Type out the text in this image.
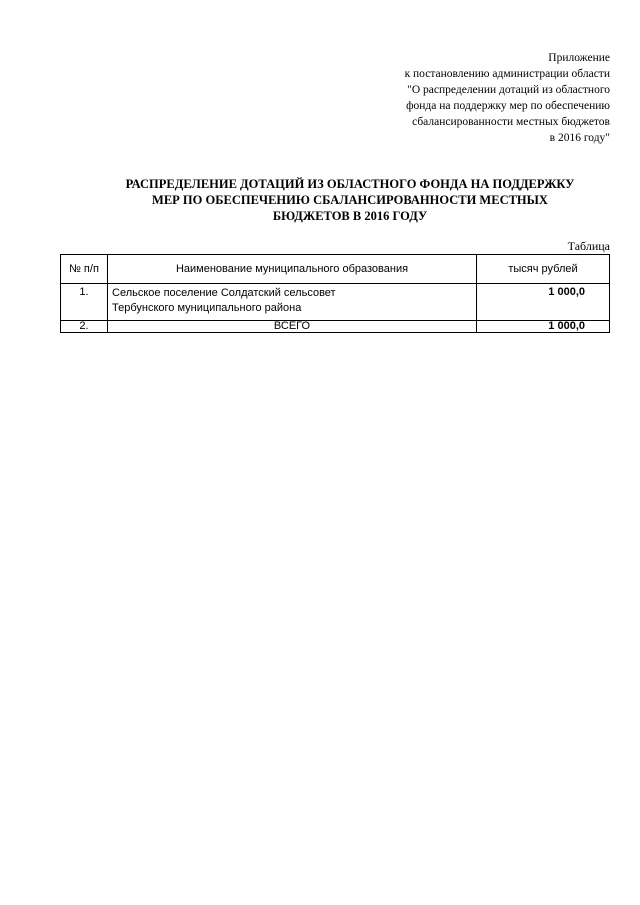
Приложение
к постановлению администрации области
"О распределении дотаций из областного
фонда на поддержку мер по обеспечению
сбалансированности местных бюджетов
в 2016 году"
РАСПРЕДЕЛЕНИЕ ДОТАЦИЙ ИЗ ОБЛАСТНОГО ФОНДА НА ПОДДЕРЖКУ
МЕР ПО ОБЕСПЕЧЕНИЮ СБАЛАНСИРОВАННОСТИ МЕСТНЫХ
БЮДЖЕТОВ В 2016 ГОДУ
Таблица
№ п/п	Наименование муниципального образования	тысяч рублей
1.	Сельское поселение Солдатский сельсовет
Тербунского муниципального района	1 000,0
2.	ВСЕГО	1 000,0
